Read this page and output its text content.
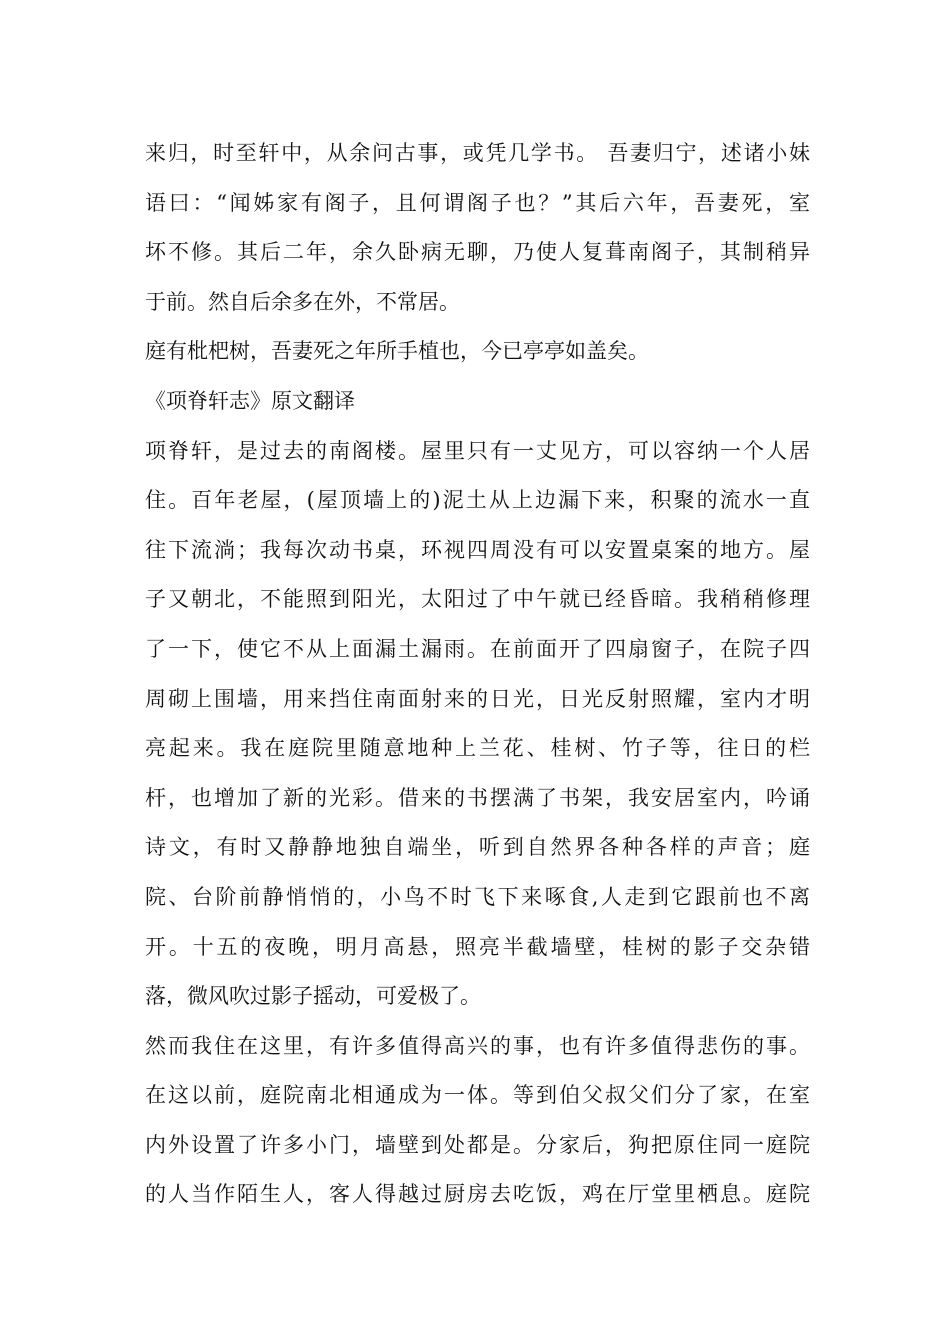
来归，时至轩中，从余问古事，或凭几学书。 吾妻归宁，述诸小妹
语曰：“闻姊家有阁子，且何谓阁子也？”其后六年，吾妻死，室
坏不修。其后二年，余久卧病无聊，乃使人复葺南阁子，其制稍异
于前。然自后余多在外，不常居。
庭有枇杷树，吾妻死之年所手植也，今已亭亭如盖矣。
《项脊轩志》原文翻译
项脊轩，是过去的南阁楼。屋里只有一丈见方，可以容纳一个人居
住。百年老屋，(屋顶墙上的)泥土从上边漏下来，积聚的流水一直
往下流淌；我每次动书桌，环视四周没有可以安置桌案的地方。屋
子又朝北，不能照到阳光，太阳过了中午就已经昏暗。我稍稍修理
了一下，使它不从上面漏土漏雨。在前面开了四扇窗子，在院子四
周砌上围墙，用来挡住南面射来的日光，日光反射照耀，室内才明
亮起来。我在庭院里随意地种上兰花、桂树、竹子等，往日的栏
杆，也增加了新的光彩。借来的书摆满了书架，我安居室内，吟诵
诗文，有时又静静地独自端坐，听到自然界各种各样的声音；庭
院、台阶前静悄悄的，小鸟不时飞下来啄食,人走到它跟前也不离
开。十五的夜晚，明月高悬，照亮半截墙壁，桂树的影子交杂错
落，微风吹过影子摇动，可爱极了。
然而我住在这里，有许多值得高兴的事，也有许多值得悲伤的事。
在这以前，庭院南北相通成为一体。等到伯父叔父们分了家，在室
内外设置了许多小门，墙壁到处都是。分家后，狗把原住同一庭院
的人当作陌生人，客人得越过厨房去吃饭，鸡在厅堂里栖息。庭院
